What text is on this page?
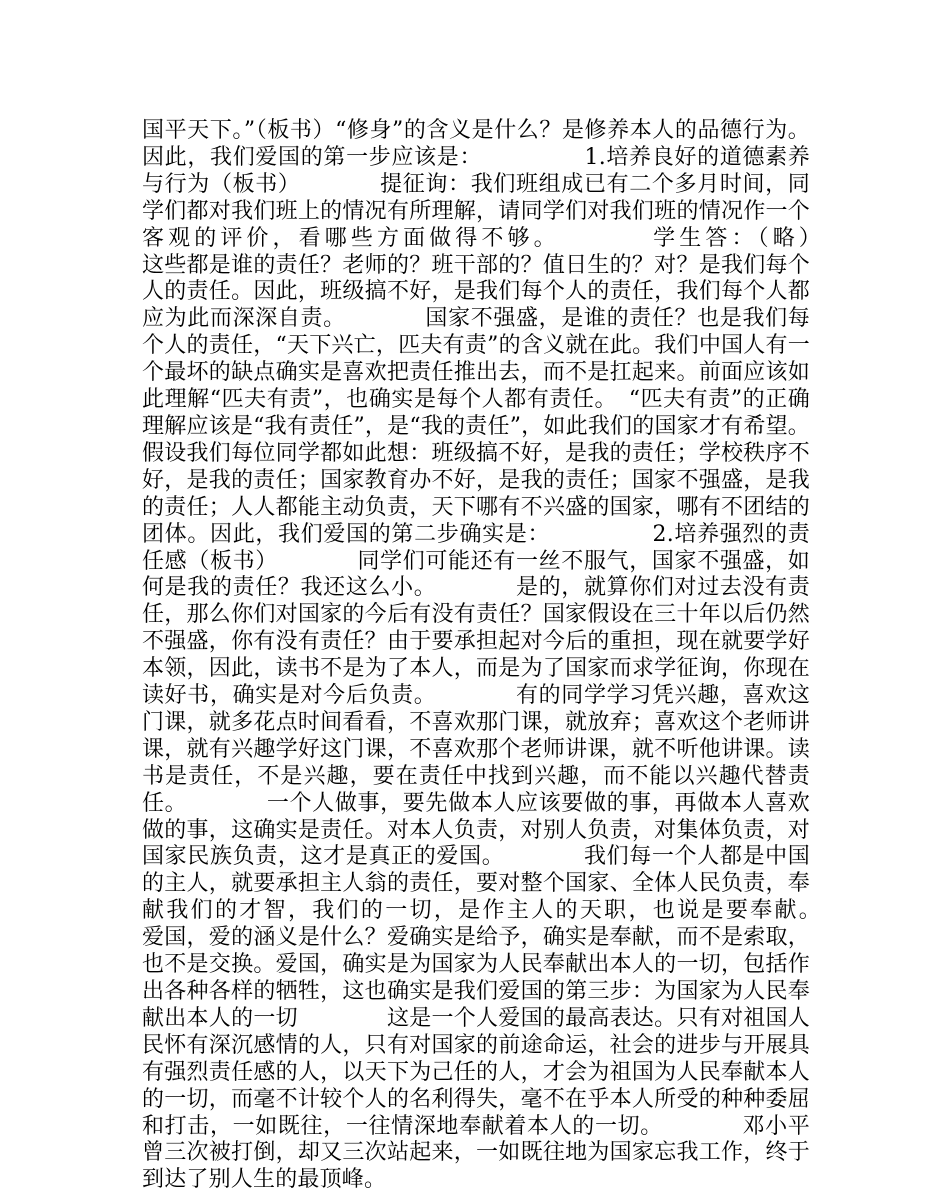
国平天下。”（板书）“修身”的含义是什么？是修养本人的品德行为。因此，我们爱国的第一步应该是：　　　　　1.培养良好的道德素养与行为（板书）　　　　提征询：我们班组成已有二个多月时间，同学们都对我们班上的情况有所理解，请同学们对我们班的情况作一个客观的评价，看哪些方面做得不够。　　　　学生答：（略）　　　　这些都是谁的责任？老师的？班干部的？值日生的？对？是我们每个人的责任。因此，班级搞不好，是我们每个人的责任，我们每个人都应为此而深深自责。　　　　国家不强盛，是谁的责任？也是我们每个人的责任，“天下兴亡，匹夫有责”的含义就在此。我们中国人有一个最坏的缺点确实是喜欢把责任推出去，而不是扛起来。前面应该如此理解“匹夫有责”，也确实是每个人都有责任。　“匹夫有责”的正确理解应该是“我有责任”，是“我的责任”，如此我们的国家才有希望。假设我们每位同学都如此想：班级搞不好，是我的责任；学校秩序不好，是我的责任；国家教育办不好，是我的责任；国家不强盛，是我的责任；人人都能主动负责，天下哪有不兴盛的国家，哪有不团结的团体。因此，我们爱国的第二步确实是：　　　　　2.培养强烈的责任感（板书）　　　　同学们可能还有一丝不服气，国家不强盛，如何是我的责任？我还这么小。　　　　是的，就算你们对过去没有责任，那么你们对国家的今后有没有责任？国家假设在三十年以后仍然不强盛，你有没有责任？由于要承担起对今后的重担，现在就要学好本领，因此，读书不是为了本人，而是为了国家而求学征询，你现在读好书，确实是对今后负责。　　　　有的同学学习凭兴趣，喜欢这门课，就多花点时间看看，不喜欢那门课，就放弃；喜欢这个老师讲课，就有兴趣学好这门课，不喜欢那个老师讲课，就不听他讲课。读书是责任，不是兴趣，要在责任中找到兴趣，而不能以兴趣代替责任。　　　　一个人做事，要先做本人应该要做的事，再做本人喜欢做的事，这确实是责任。对本人负责，对别人负责，对集体负责，对国家民族负责，这才是真正的爱国。　　　　我们每一个人都是中国的主人，就要承担主人翁的责任，要对整个国家、全体人民负责，奉献我们的才智，我们的一切，是作主人的天职，也说是要奉献。　　　　爱国，爱的涵义是什么？爱确实是给予，确实是奉献，而不是索取，也不是交换。爱国，确实是为国家为人民奉献出本人的一切，包括作出各种各样的牺牲，这也确实是我们爱国的第三步：为国家为人民奉献出本人的一切　　　　这是一个人爱国的最高表达。只有对祖国人民怀有深沉感情的人，只有对国家的前途命运，社会的进步与开展具有强烈责任感的人，以天下为己任的人，才会为祖国为人民奉献本人的一切，而毫不计较个人的名利得失，毫不在乎本人所受的种种委屈和打击，一如既往，一往情深地奉献着本人的一切。　　　　邓小平曾三次被打倒，却又三次站起来，一如既往地为国家忘我工作，终于到达了别人生的最顶峰。
